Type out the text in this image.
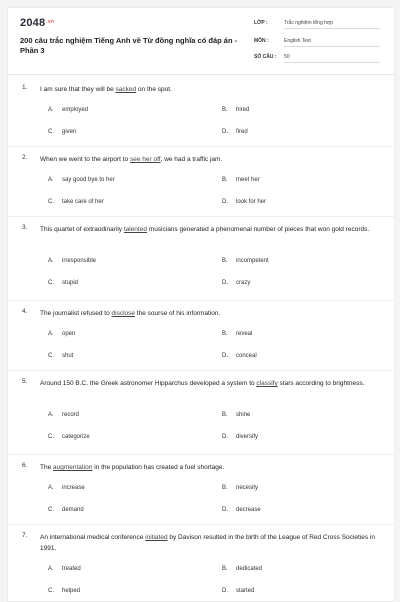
$2048^{.vn}$
200 câu trắc nghiệm Tiếng Anh về Từ đồng nghĩa có đáp án - Phần 3
LỚP :	Trắc nghiệm tổng hợp
MÔN :	English Test
SỐ CÂU : 50
1. I am sure that they will be sacked on the spot.
A. employed	B. hired
C. given	D. fired
2. When we went to the airport to see her off, we had a traffic jam.
A. say good bye to her	B. meet her
C. take care of her	D. look for her
3. This quartet of extraodinarily talented musicians generated a phenomenal number of pieces that won gold records.
A. irresponsible	B. incompetent
C. stupid	D. crazy
4. The journalist refused to disclose the sourse of his information.
A. open	B. reveal
C. shut	D. conceal
5. Around 150 B.C. the Greek astronomer Hipparchus developed a system to classify stars according to brightness.
A. record	B. shine
C. categorize	D. diversify
6. The augmentation in the population has created a fuel shortage.
A. increase	B. necesity
C. demand	D. decrease
7. An international medical conference initiated by Davison resulted in the birth of the League of Red Cross Societies in 1991.
A. treated	B. dedicated
C. helped	D. started
